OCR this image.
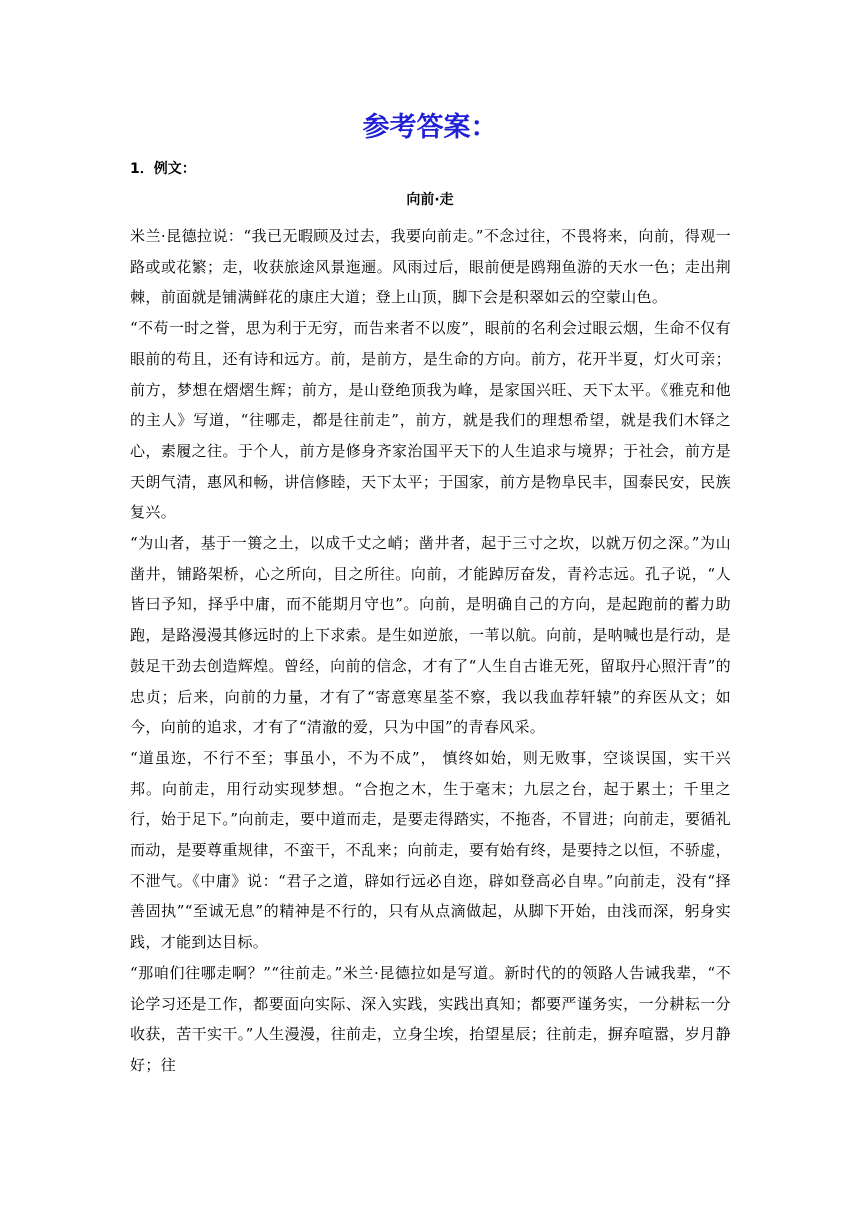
参考答案：
1．例文：
向前·走

米兰·昆德拉说：“我已无暇顾及过去，我要向前走。”不念过往，不畏将来，向前，得观一路或或花繁；走，收获旅途风景迤逦。风雨过后，眼前便是鸥翔鱼游的天水一色；走出荆棘，前面就是铺满鲜花的康庄大道；登上山顶，脚下会是积翠如云的空蒙山色。

“不苟一时之誉，思为利于无穷，而告来者不以废”，眼前的名利会过眼云烟，生命不仅有眼前的苟且，还有诗和远方。前，是前方，是生命的方向。前方，花开半夏，灯火可亲；前方，梦想在熠熠生辉；前方，是山登绝顶我为峰，是家国兴旺、天下太平。《雅克和他的主人》写道，“往哪走，都是往前走”，前方，就是我们的理想希望，就是我们木铎之心，素履之往。于个人，前方是修身齐家治国平天下的人生追求与境界；于社会，前方是天朗气清，惠风和畅，讲信修睦，天下太平；于国家，前方是物阜民丰，国泰民安，民族复兴。

“为山者，基于一篑之土，以成千丈之峭；凿井者，起于三寸之坎，以就万仞之深。”为山凿井，铺路架桥，心之所向，目之所往。向前，才能踔厉奋发，青衿志远。孔子说，“人皆曰予知，择乎中庸，而不能期月守也”。向前，是明确自己的方向，是起跑前的蓄力助跑，是路漫漫其修远时的上下求索。是生如逆旅，一苇以航。向前，是呐喊也是行动，是鼓足干劲去创造辉煌。曾经，向前的信念，才有了“人生自古谁无死，留取丹心照汗青”的忠贞；后来，向前的力量，才有了“寄意寒星荃不察，我以我血荐轩辕”的弃医从文；如今，向前的追求，才有了“清澈的爱，只为中国”的青春风采。

“道虽迩，不行不至；事虽小，不为不成”， 慎终如始，则无败事，空谈误国，实干兴邦。向前走，用行动实现梦想。“合抱之木，生于毫末；九层之台，起于累土；千里之行，始于足下。”向前走，要中道而走，是要走得踏实，不拖沓，不冒进；向前走，要循礼而动，是要尊重规律，不蛮干，不乱来；向前走，要有始有终，是要持之以恒，不骄虚，不泄气。《中庸》说：“君子之道，辟如行远必自迩，辟如登高必自卑。”向前走，没有“择善固执”“至诚无息”的精神是不行的，只有从点滴做起，从脚下开始，由浅而深，躬身实践，才能到达目标。

“那咱们往哪走啊？”“往前走。”米兰·昆德拉如是写道。新时代的的领路人告诫我辈，“不论学习还是工作，都要面向实际、深入实践，实践出真知；都要严谨务实，一分耕耘一分收获，苦干实干。”人生漫漫，往前走，立身尘埃，抬望星辰；往前走，摒弃喧嚣，岁月静好；往
